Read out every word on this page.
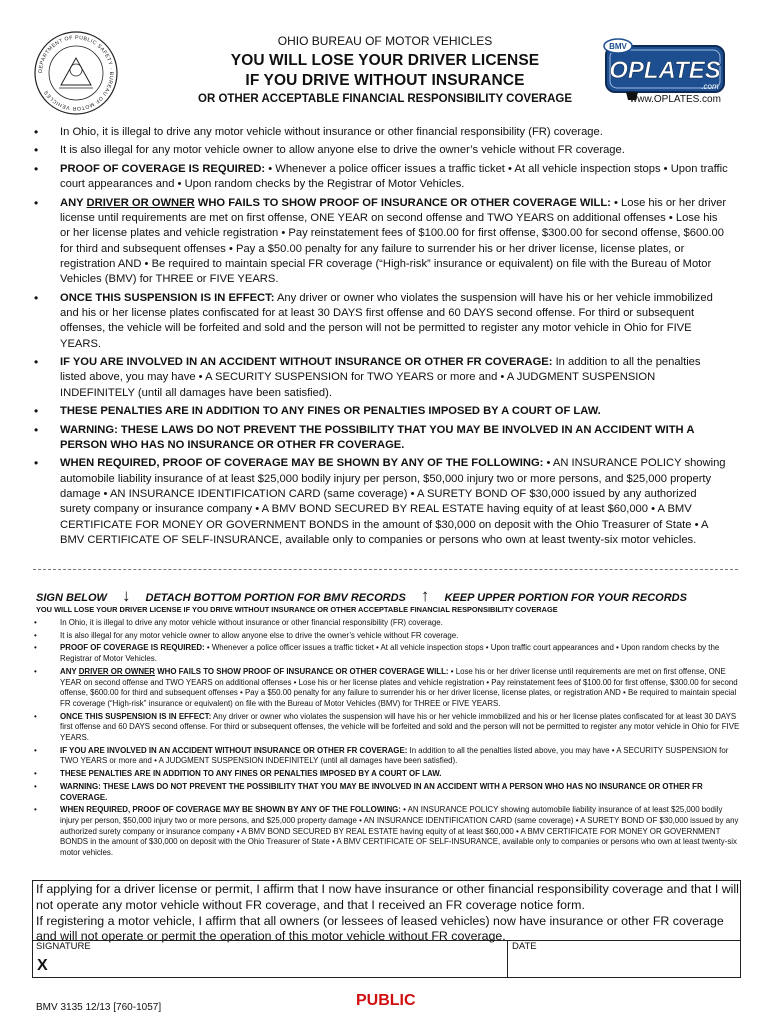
OHIO BUREAU OF MOTOR VEHICLES
YOU WILL LOSE YOUR DRIVER LICENSE
IF YOU DRIVE WITHOUT INSURANCE
OR OTHER ACCEPTABLE FINANCIAL RESPONSIBILITY COVERAGE
DEPARTMENT OF PUBLIC SAFETY · BUREAU OF MOTOR VEHICLES
BMV
OPLATES
.com
www.OPLATES.com
• In Ohio, it is illegal to drive any motor vehicle without insurance or other financial responsibility (FR) coverage.
• It is also illegal for any motor vehicle owner to allow anyone else to drive the owner’s vehicle without FR coverage.
• PROOF OF COVERAGE IS REQUIRED: • Whenever a police officer issues a traffic ticket • At all vehicle inspection stops • Upon traffic court appearances and • Upon random checks by the Registrar of Motor Vehicles.
• ANY DRIVER OR OWNER WHO FAILS TO SHOW PROOF OF INSURANCE OR OTHER COVERAGE WILL: • Lose his or her driver license until requirements are met on first offense, ONE YEAR on second offense and TWO YEARS on additional offenses • Lose his or her license plates and vehicle registration • Pay reinstatement fees of $100.00 for first offense, $300.00 for second offense, $600.00 for third and subsequent offenses • Pay a $50.00 penalty for any failure to surrender his or her driver license, license plates, or registration AND • Be required to maintain special FR coverage (“High-risk” insurance or equivalent) on file with the Bureau of Motor Vehicles (BMV) for THREE or FIVE YEARS.
• ONCE THIS SUSPENSION IS IN EFFECT: Any driver or owner who violates the suspension will have his or her vehicle immobilized and his or her license plates confiscated for at least 30 DAYS first offense and 60 DAYS second offense. For third or subsequent offenses, the vehicle will be forfeited and sold and the person will not be permitted to register any motor vehicle in Ohio for FIVE YEARS.
• IF YOU ARE INVOLVED IN AN ACCIDENT WITHOUT INSURANCE OR OTHER FR COVERAGE: In addition to all the penalties listed above, you may have • A SECURITY SUSPENSION for TWO YEARS or more and • A JUDGMENT SUSPENSION INDEFINITELY (until all damages have been satisfied).
• THESE PENALTIES ARE IN ADDITION TO ANY FINES OR PENALTIES IMPOSED BY A COURT OF LAW.
• WARNING: THESE LAWS DO NOT PREVENT THE POSSIBILITY THAT YOU MAY BE INVOLVED IN AN ACCIDENT WITH A PERSON WHO HAS NO INSURANCE OR OTHER FR COVERAGE.
• WHEN REQUIRED, PROOF OF COVERAGE MAY BE SHOWN BY ANY OF THE FOLLOWING: • AN INSURANCE POLICY showing automobile liability insurance of at least $25,000 bodily injury per person, $50,000 injury two or more persons, and $25,000 property damage • AN INSURANCE IDENTIFICATION CARD (same coverage) • A SURETY BOND OF $30,000 issued by any authorized surety company or insurance company • A BMV BOND SECURED BY REAL ESTATE having equity of at least $60,000 • A BMV CERTIFICATE FOR MONEY OR GOVERNMENT BONDS in the amount of $30,000 on deposit with the Ohio Treasurer of State • A BMV CERTIFICATE OF SELF-INSURANCE, available only to companies or persons who own at least twenty-six motor vehicles.
SIGN BELOW ↓ DETACH BOTTOM PORTION FOR BMV RECORDS ↑ KEEP UPPER PORTION FOR YOUR RECORDS
YOU WILL LOSE YOUR DRIVER LICENSE IF YOU DRIVE WITHOUT INSURANCE OR OTHER ACCEPTABLE FINANCIAL RESPONSIBILITY COVERAGE
• In Ohio, it is illegal to drive any motor vehicle without insurance or other financial responsibility (FR) coverage.
• It is also illegal for any motor vehicle owner to allow anyone else to drive the owner’s vehicle without FR coverage.
• PROOF OF COVERAGE IS REQUIRED: • Whenever a police officer issues a traffic ticket • At all vehicle inspection stops • Upon traffic court appearances and • Upon random checks by the Registrar of Motor Vehicles.
• ANY DRIVER OR OWNER WHO FAILS TO SHOW PROOF OF INSURANCE OR OTHER COVERAGE WILL: • Lose his or her driver license until requirements are met on first offense, ONE YEAR on second offense and TWO YEARS on additional offenses • Lose his or her license plates and vehicle registration • Pay reinstatement fees of $100.00 for first offense, $300.00 for second offense, $600.00 for third and subsequent offenses • Pay a $50.00 penalty for any failure to surrender his or her driver license, license plates, or registration AND • Be required to maintain special FR coverage (“High-risk” insurance or equivalent) on file with the Bureau of Motor Vehicles (BMV) for THREE or FIVE YEARS.
• ONCE THIS SUSPENSION IS IN EFFECT: Any driver or owner who violates the suspension will have his or her vehicle immobilized and his or her license plates confiscated for at least 30 DAYS first offense and 60 DAYS second offense. For third or subsequent offenses, the vehicle will be forfeited and sold and the person will not be permitted to register any motor vehicle in Ohio for FIVE YEARS.
• IF YOU ARE INVOLVED IN AN ACCIDENT WITHOUT INSURANCE OR OTHER FR COVERAGE: In addition to all the penalties listed above, you may have • A SECURITY SUSPENSION for TWO YEARS or more and • A JUDGMENT SUSPENSION INDEFINITELY (until all damages have been satisfied).
• THESE PENALTIES ARE IN ADDITION TO ANY FINES OR PENALTIES IMPOSED BY A COURT OF LAW.
• WARNING: THESE LAWS DO NOT PREVENT THE POSSIBILITY THAT YOU MAY BE INVOLVED IN AN ACCIDENT WITH A PERSON WHO HAS NO INSURANCE OR OTHER FR COVERAGE.
• WHEN REQUIRED, PROOF OF COVERAGE MAY BE SHOWN BY ANY OF THE FOLLOWING: • AN INSURANCE POLICY showing automobile liability insurance of at least $25,000 bodily injury per person, $50,000 injury two or more persons, and $25,000 property damage • AN INSURANCE IDENTIFICATION CARD (same coverage) • A SURETY BOND OF $30,000 issued by any authorized surety company or insurance company • A BMV BOND SECURED BY REAL ESTATE having equity of at least $60,000 • A BMV CERTIFICATE FOR MONEY OR GOVERNMENT BONDS in the amount of $30,000 on deposit with the Ohio Treasurer of State • A BMV CERTIFICATE OF SELF-INSURANCE, available only to companies or persons who own at least twenty-six motor vehicles.
If applying for a driver license or permit, I affirm that I now have insurance or other financial responsibility coverage and that I will not operate any motor vehicle without FR coverage, and that I received an FR coverage notice form.
If registering a motor vehicle, I affirm that all owners (or lessees of leased vehicles) now have insurance or other FR coverage and will not operate or permit the operation of this motor vehicle without FR coverage.
SIGNATURE	DATE
X
BMV 3135 12/13 [760-1057]	PUBLIC
